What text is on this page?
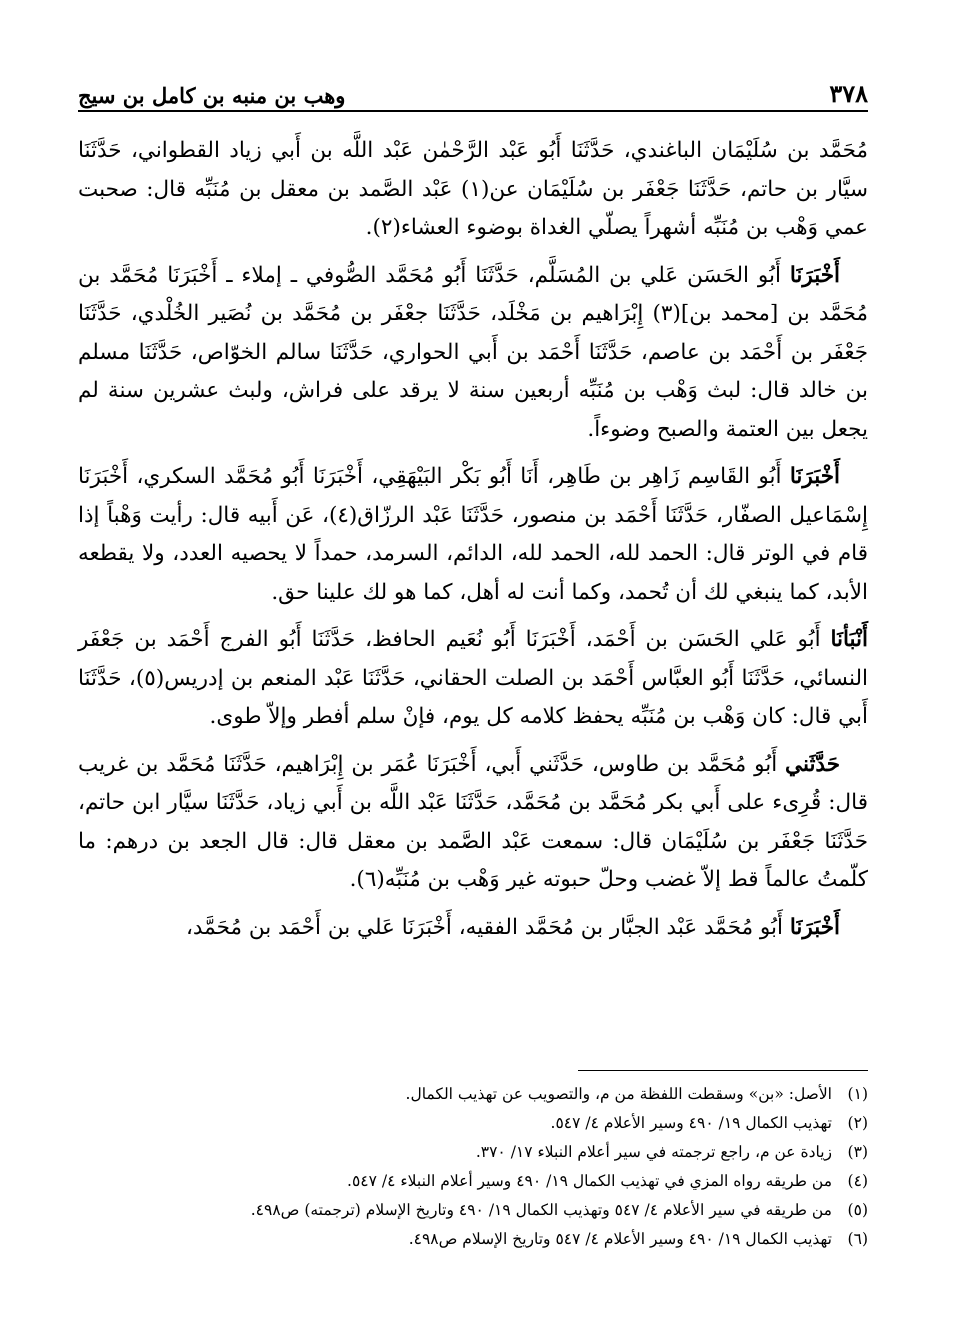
٣٧٨
وهب بن منبه بن كامل بن سيج

مُحَمَّد بن سُلَيْمَان الباغندي، حَدَّثَنَا أَبُو عَبْد الرَّحْمٰن عَبْد اللَّه بن أَبي زياد القطواني، حَدَّثَنَا سيَّار بن حاتم، حَدَّثَنَا جَعْفَر بن سُلَيْمَان عن(١) عَبْد الصَّمد بن معقل بن مُنَبِّه قال: صحبت عمي وَهْب بن مُنَبِّه أشهراً يصلّي الغداة بوضوء العشاء(٢).

أَخْبَرَنَا أَبُو الحَسَن عَلي بن المُسَلَّم، حَدَّثَنَا أَبُو مُحَمَّد الصُّوفي ـ إملاء ـ أَخْبَرَنَا مُحَمَّد بن مُحَمَّد بن [محمد بن](٣) إِبْرَاهيم بن مَخْلَد، حَدَّثَنَا جعْفَر بن مُحَمَّد بن نُصَير الخُلْدي، حَدَّثَنَا جَعْفَر بن أَحْمَد بن عاصم، حَدَّثَنَا أَحْمَد بن أَبي الحواري، حَدَّثَنَا سالم الخوّاص، حَدَّثَنَا مسلم بن خالد قال: لبث وَهْب بن مُنَبِّه أربعين سنة لا يرقد على فراش، ولبث عشرين سنة لم يجعل بين العتمة والصبح وضوءاً.

أَخْبَرَنَا أَبُو القَاسِم زَاهِر بن طَاهِر، أَنَا أَبُو بَكْر البَيْهَقِي، أَخْبَرَنَا أَبُو مُحَمَّد السكري، أَخْبَرَنَا إِسْمَاعيل الصفّار، حَدَّثَنَا أَحْمَد بن منصور، حَدَّثَنَا عَبْد الرزّاق(٤)، عَن أَبيه قال: رأيت وَهْباً إذا قام في الوتر قال: الحمد لله، الحمد لله، الدائم، السرمد، حمداً لا يحصيه العدد، ولا يقطعه الأبد، كما ينبغي لك أن تُحمد، وكما أنت له أهل، كما هو لك علينا حق.

أَنْبَأنَا أَبُو عَلي الحَسَن بن أَحْمَد، أَخْبَرَنَا أَبُو نُعَيم الحافظ، حَدَّثَنَا أَبُو الفرج أَحْمَد بن جَعْفَر النسائي، حَدَّثَنَا أَبُو العبَّاس أَحْمَد بن الصلت الحقاني، حَدَّثَنَا عَبْد المنعم بن إدريس(٥)، حَدَّثَنَا أَبي قال: كان وَهْب بن مُنَبِّه يحفظ كلامه كل يوم، فإنْ سلم أفطر وإلاّ طوى.

حَدَّثَني أَبُو مُحَمَّد بن طاوس، حَدَّثَني أَبي، أَخْبَرَنَا عُمَر بن إِبْرَاهيم، حَدَّثَنَا مُحَمَّد بن غريب قال: قُرِىء على أَبي بكر مُحَمَّد بن مُحَمَّد، حَدَّثَنَا عَبْد اللَّه بن أَبي زياد، حَدَّثَنَا سيَّار ابن حاتم، حَدَّثَنَا جَعْفَر بن سُلَيْمَان قال: سمعت عَبْد الصَّمد بن معقل قال: قال الجعد بن درهم: ما كلّمتُ عالماً قط إلاّ غضب وحلّ حبوته غير وَهْب بن مُنَبِّه(٦).

أَخْبَرَنَا أَبُو مُحَمَّد عَبْد الجبَّار بن مُحَمَّد الفقيه، أَخْبَرَنَا عَلي بن أَحْمَد بن مُحَمَّد،

(١)
الأصل: «بن» وسقطت اللفظة من م، والتصويب عن تهذيب الكمال.
(٢)
تهذيب الكمال ١٩/ ٤٩٠ وسير الأعلام ٤/ ٥٤٧.
(٣)
زيادة عن م، راجع ترجمته في سير أعلام النبلاء ١٧/ ٣٧٠.
(٤)
من طريقه رواه المزي في تهذيب الكمال ١٩/ ٤٩٠ وسير أعلام النبلاء ٤/ ٥٤٧.
(٥)
من طريقه في سير الأعلام ٤/ ٥٤٧ وتهذيب الكمال ١٩/ ٤٩٠ وتاريخ الإسلام (ترجمته) ص٤٩٨.
(٦)
تهذيب الكمال ١٩/ ٤٩٠ وسير الأعلام ٤/ ٥٤٧ وتاريخ الإسلام ص٤٩٨.
